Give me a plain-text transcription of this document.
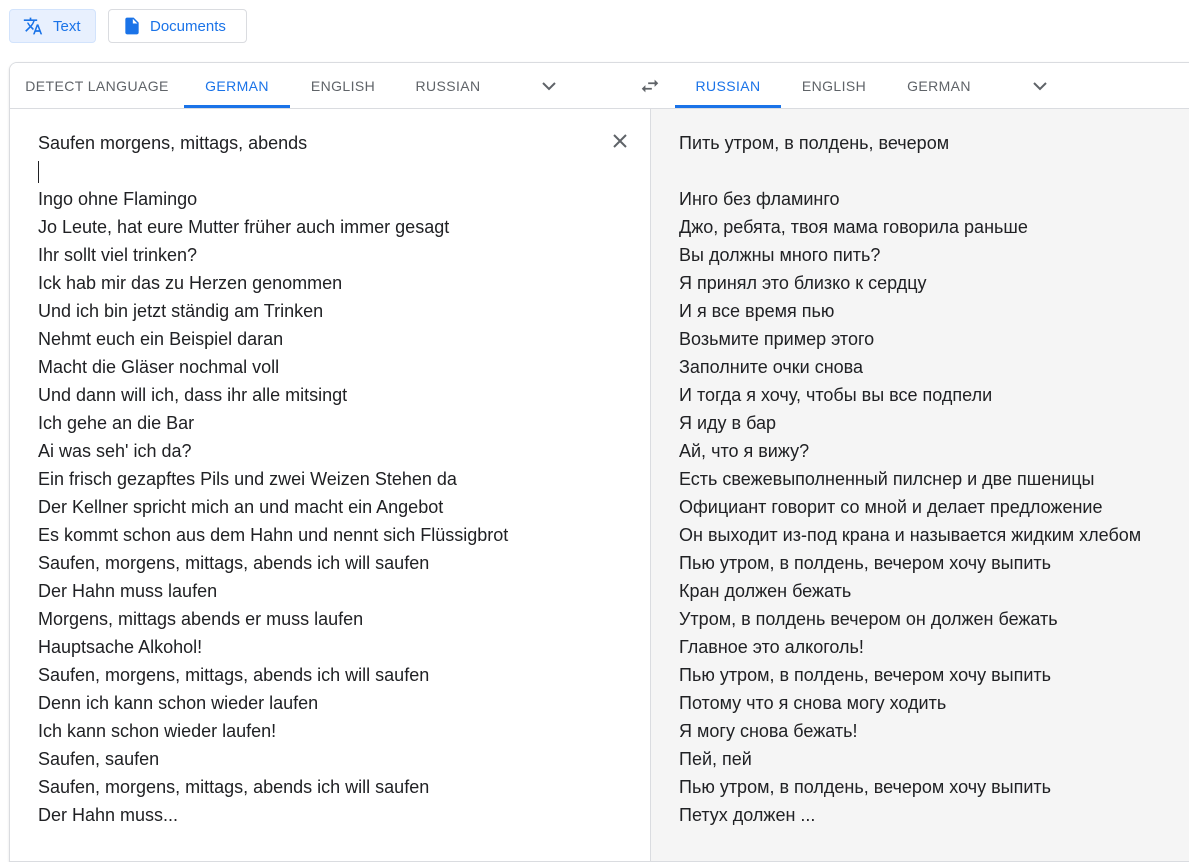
Text	Documents
DETECT LANGUAGE	GERMAN	ENGLISH	RUSSIAN	RUSSIAN	ENGLISH	GERMAN
Saufen morgens, mittags, abends
Ingo ohne Flamingo
Jo Leute, hat eure Mutter früher auch immer gesagt
Ihr sollt viel trinken?
Ick hab mir das zu Herzen genommen
Und ich bin jetzt ständig am Trinken
Nehmt euch ein Beispiel daran
Macht die Gläser nochmal voll
Und dann will ich, dass ihr alle mitsingt
Ich gehe an die Bar
Ai was seh' ich da?
Ein frisch gezapftes Pils und zwei Weizen Stehen da
Der Kellner spricht mich an und macht ein Angebot
Es kommt schon aus dem Hahn und nennt sich Flüssigbrot
Saufen, morgens, mittags, abends ich will saufen
Der Hahn muss laufen
Morgens, mittags abends er muss laufen
Hauptsache Alkohol!
Saufen, morgens, mittags, abends ich will saufen
Denn ich kann schon wieder laufen
Ich kann schon wieder laufen!
Saufen, saufen
Saufen, morgens, mittags, abends ich will saufen
Der Hahn muss...
Пить утром, в полдень, вечером
Инго без фламинго
Джо, ребята, твоя мама говорила раньше
Вы должны много пить?
Я принял это близко к сердцу
И я все время пью
Возьмите пример этого
Заполните очки снова
И тогда я хочу, чтобы вы все подпели
Я иду в бар
Ай, что я вижу?
Есть свежевыполненный пилснер и две пшеницы
Официант говорит со мной и делает предложение
Он выходит из-под крана и называется жидким хлебом
Пью утром, в полдень, вечером хочу выпить
Кран должен бежать
Утром, в полдень вечером он должен бежать
Главное это алкоголь!
Пью утром, в полдень, вечером хочу выпить
Потому что я снова могу ходить
Я могу снова бежать!
Пей, пей
Пью утром, в полдень, вечером хочу выпить
Петух должен ...
